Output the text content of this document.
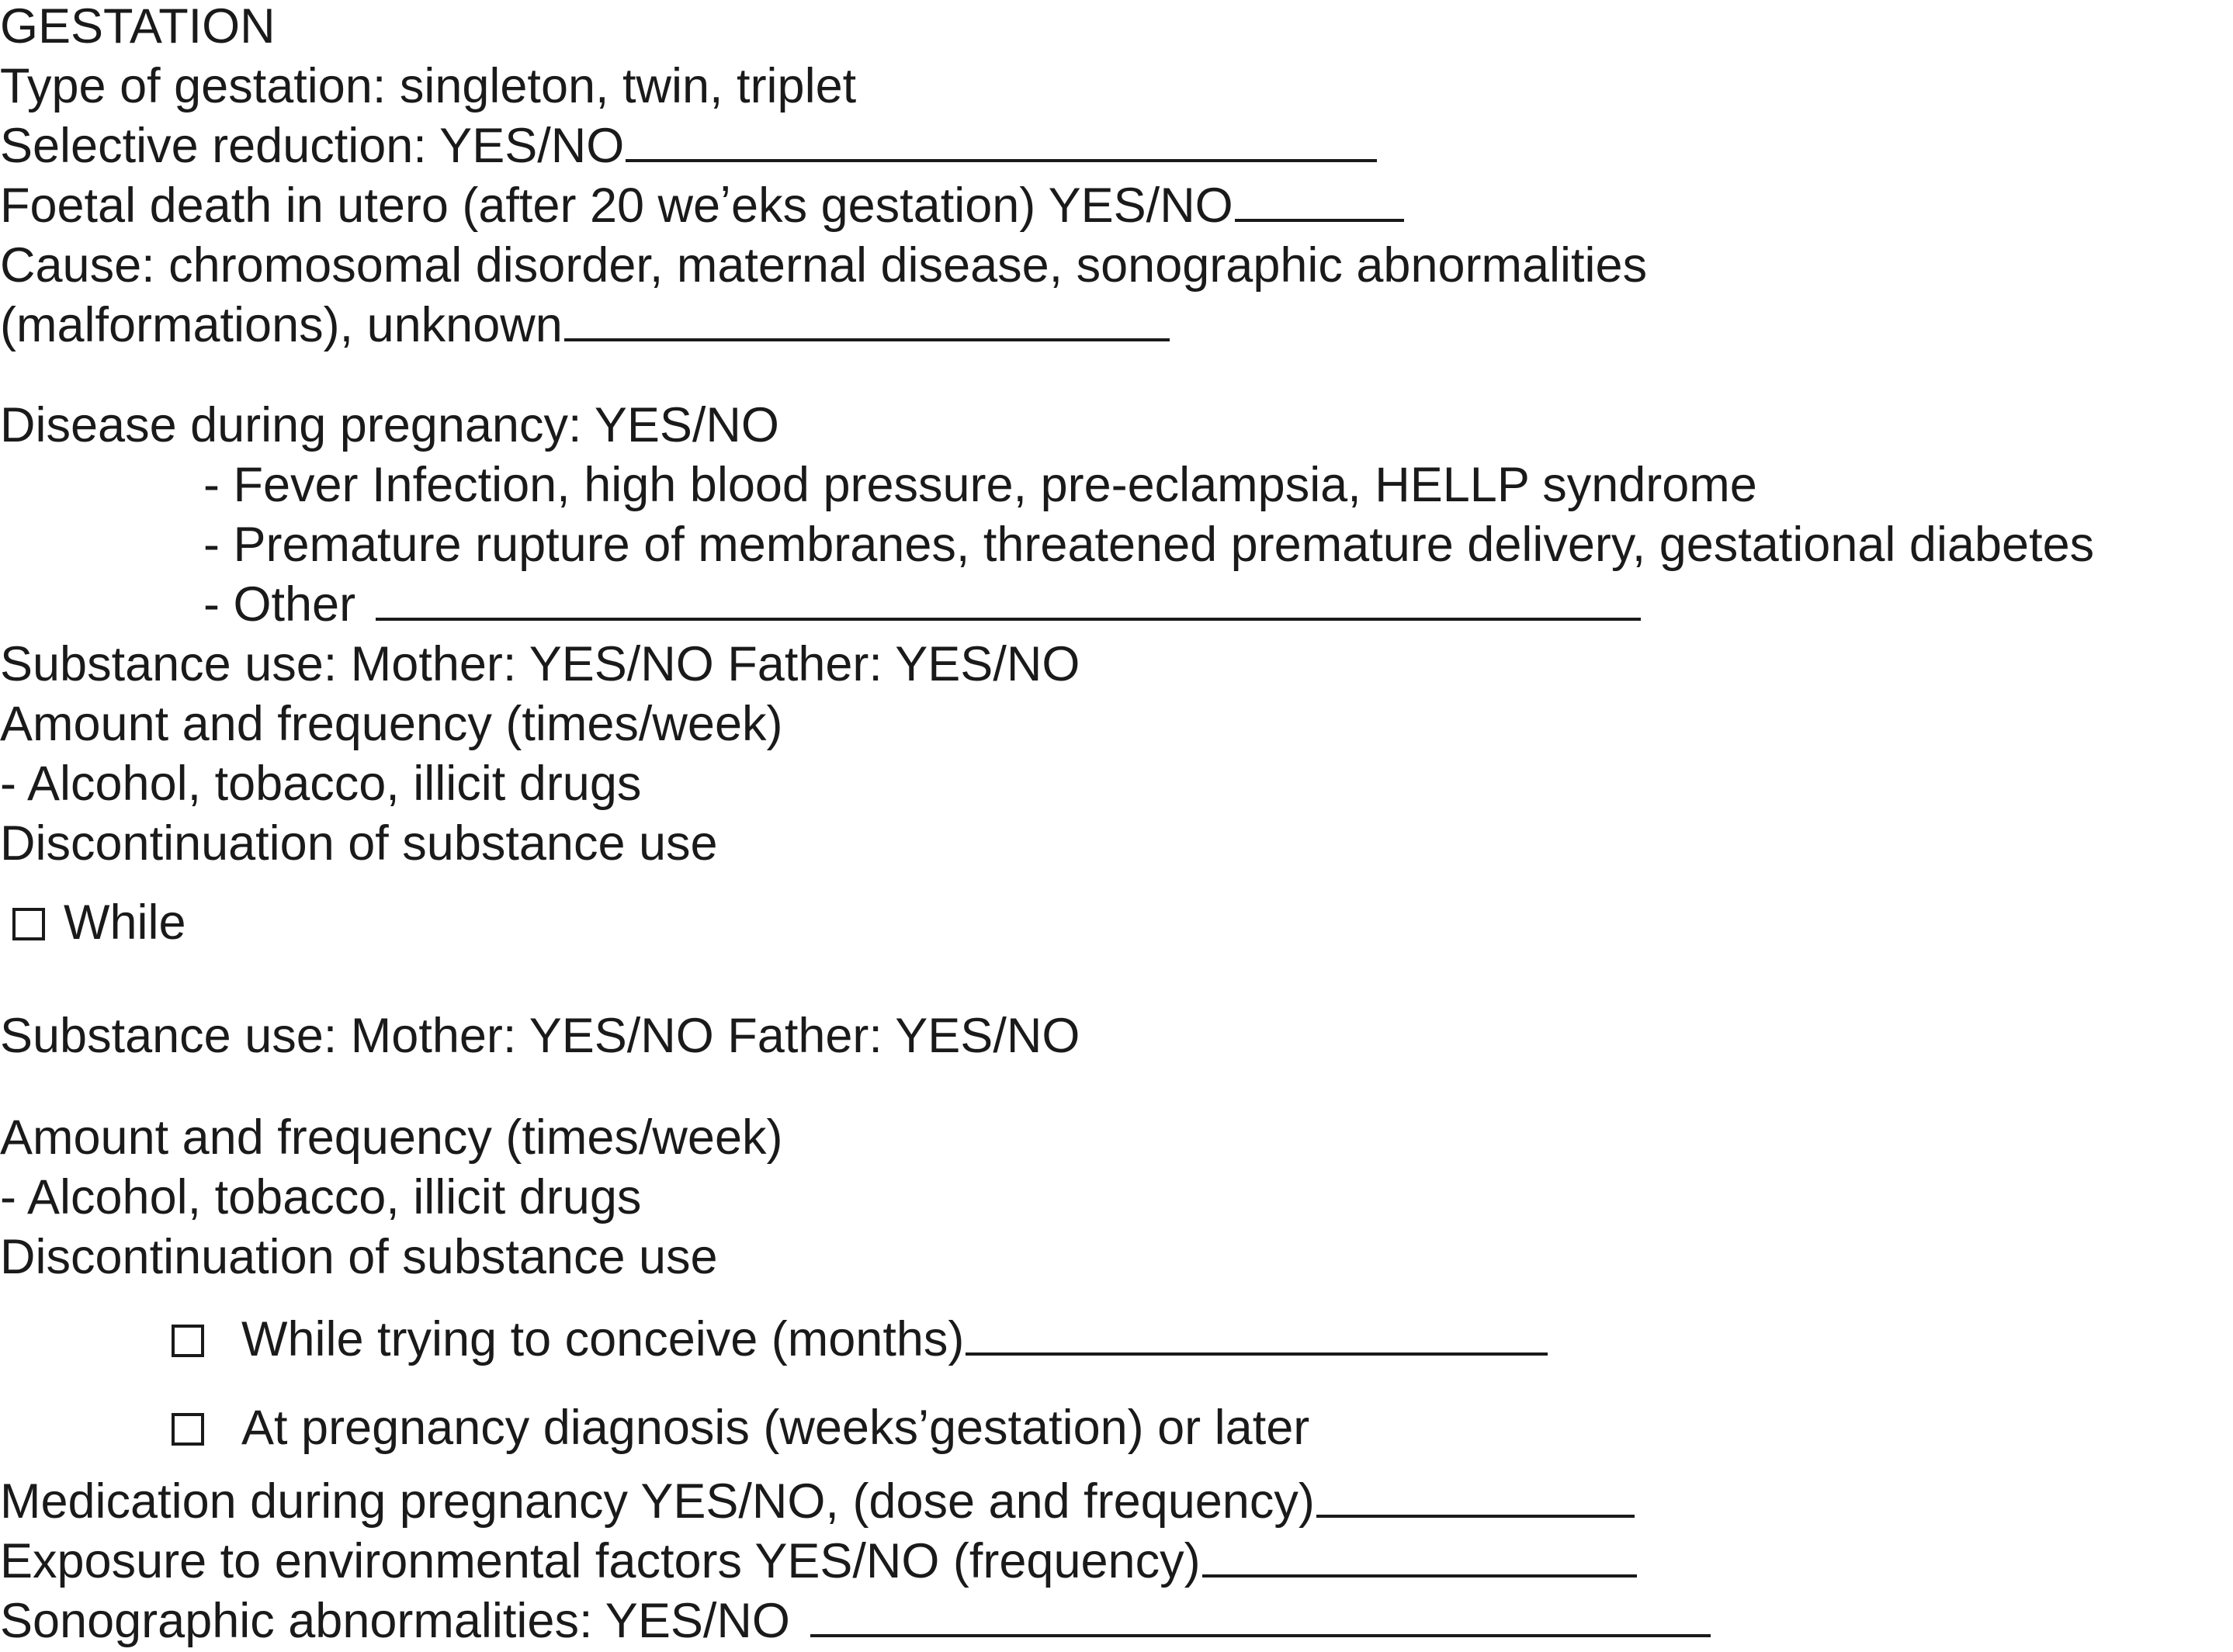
GESTATION

Type of gestation: singleton, twin, triplet

Selective reduction: YES/NO

Foetal death in utero (after 20 weʼeks gestation) YES/NO

Cause: chromosomal disorder, maternal disease, sonographic abnormalities

(malformations), unknown

Disease during pregnancy: YES/NO

- Fever Infection, high blood pressure, pre-eclampsia, HELLP syndrome

- Premature rupture of membranes, threatened premature delivery, gestational diabetes

- Other

Substance use: Mother: YES/NO Father: YES/NO

Amount and frequency (times/week)

- Alcohol, tobacco, illicit drugs

Discontinuation of substance use

While

Substance use: Mother: YES/NO Father: YES/NO

Amount and frequency (times/week)

- Alcohol, tobacco, illicit drugs

Discontinuation of substance use

While trying to conceive (months)

At pregnancy diagnosis (weeks’gestation) or later

Medication during pregnancy YES/NO, (dose and frequency)

Exposure to environmental factors YES/NO (frequency)

Sonographic abnormalities: YES/NO
